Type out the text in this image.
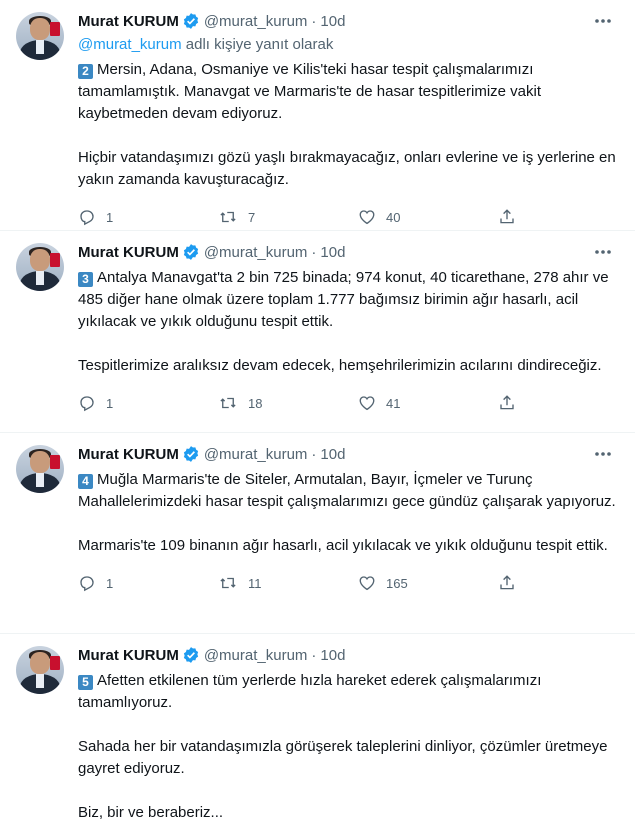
Murat KURUM @murat_kurum · 10d
@murat_kurum adlı kişiye yanıt olarak

2 Mersin, Adana, Osmaniye ve Kilis'teki hasar tespit çalışmalarımızı tamamlamıştık. Manavgat ve Marmaris'te de hasar tespitlerimize vakit kaybetmeden devam ediyoruz.

Hiçbir vatandaşımızı gözü yaşlı bırakmayacağız, onları evlerine ve iş yerlerine en yakın zamanda kavuşturacağız.

1	7	40
Murat KURUM @murat_kurum · 10d

3 Antalya Manavgat'ta 2 bin 725 binada; 974 konut, 40 ticarethane, 278 ahır ve 485 diğer hane olmak üzere toplam 1.777 bağımsız birimin ağır hasarlı, acil yıkılacak ve yıkık olduğunu tespit ettik.

Tespitlerimize aralıksız devam edecek, hemşehrilerimizin acılarını dindireceğiz.

1	18	41
Murat KURUM @murat_kurum · 10d

4 Muğla Marmaris'te de Siteler, Armutalan, Bayır, İçmeler ve Turunç Mahallelerimizdeki hasar tespit çalışmalarımızı gece gündüz çalışarak yapıyoruz.

Marmaris'te 109 binanın ağır hasarlı, acil yıkılacak ve yıkık olduğunu tespit ettik.

1	11	165
Murat KURUM @murat_kurum · 10d

5 Afetten etkilenen tüm yerlerde hızla hareket ederek çalışmalarımızı tamamlıyoruz.

Sahada her bir vatandaşımızla görüşerek taleplerini dinliyor, çözümler üretmeye gayret ediyoruz.

Biz, bir ve beraberiz...
